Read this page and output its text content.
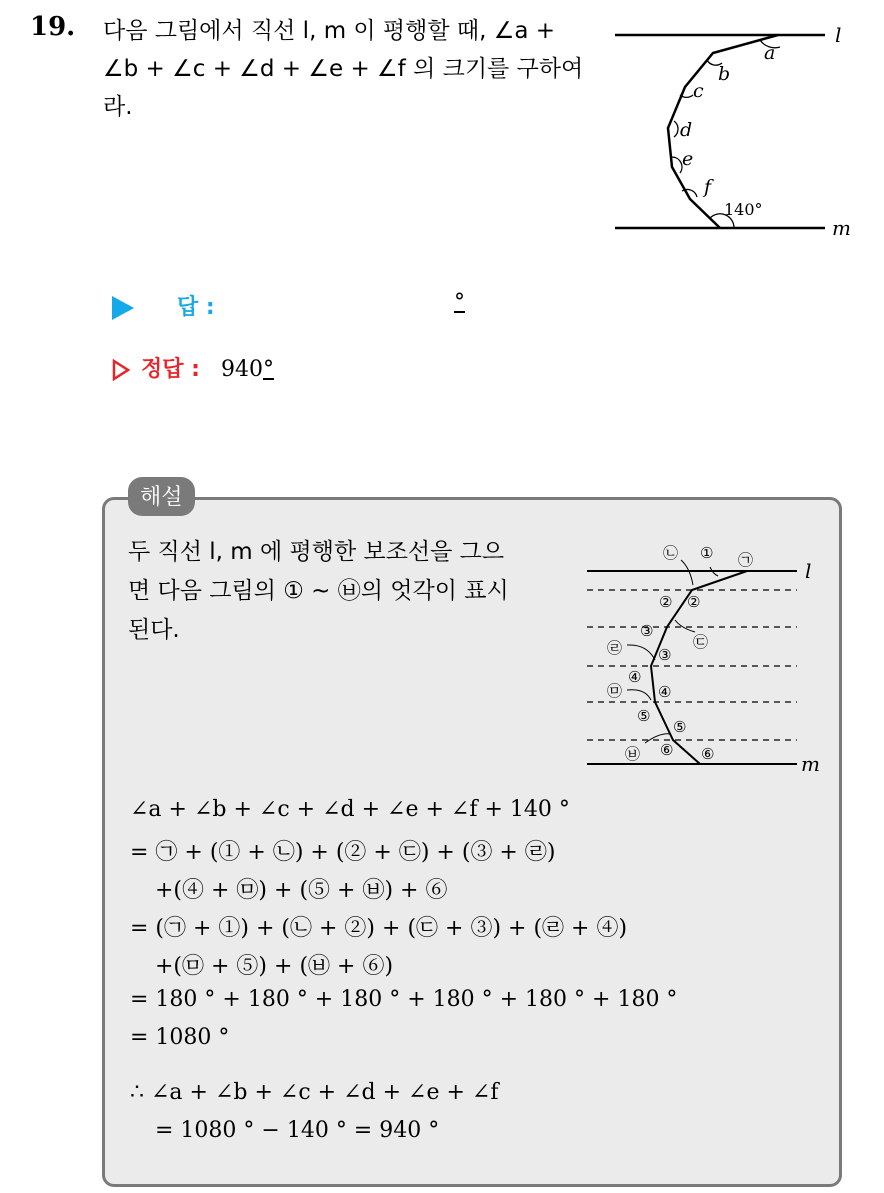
19. 다음 그림에서 직선 l, m 이 평행할 때, ∠a +
∠b + ∠c + ∠d + ∠e + ∠f 의 크기를 구하여라.
l
m
a
b
c
d
e
f
140°
답 :	°
정답 : 940°
해설
두 직선 l, m 에 평행한 보조선을 그으
면 다음 그림의 ① ~ ㉥의 엇각이 표시
된다.
㉡ ① ㉠
② ②
③
㉢
㉣ ③
④
㉤ ④
⑤
⑤
㉥ ⑥ ⑥
l
m
∠a + ∠b + ∠c + ∠d + ∠e + ∠f + 140 °
= ㉠ + (① + ㉡) + (② + ㉢) + (③ + ㉣)
+(④ + ㉤) + (⑤ + ㉥) + ⑥
= (㉠ + ①) + (㉡ + ②) + (㉢ + ③) + (㉣ + ④)
+(㉤ + ⑤) + (㉥ + ⑥)
= 180 ° + 180 ° + 180 ° + 180 ° + 180 ° + 180 °
= 1080 °
∴ ∠a + ∠b + ∠c + ∠d + ∠e + ∠f
= 1080 ° − 140 ° = 940 °
